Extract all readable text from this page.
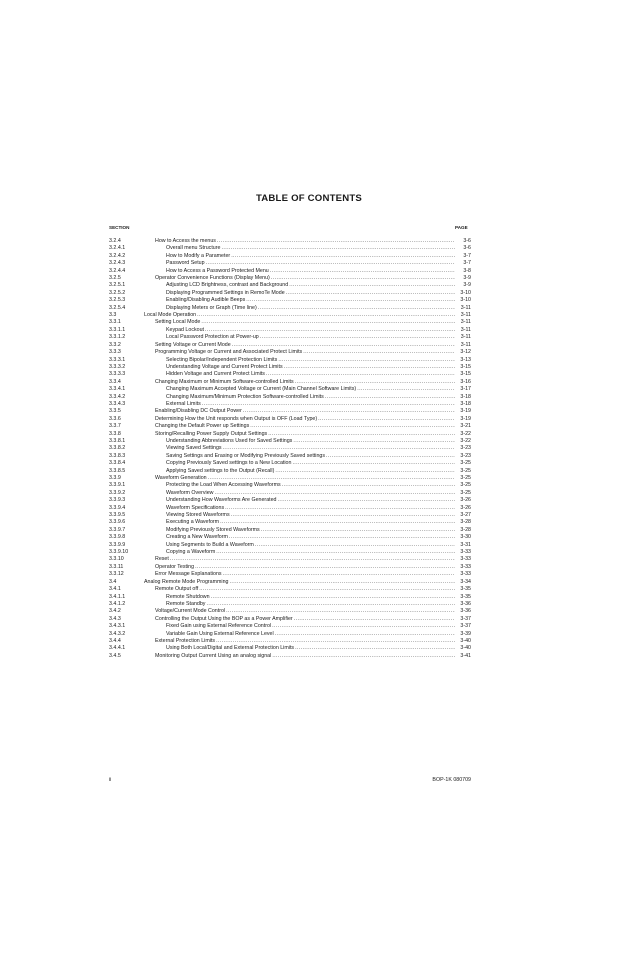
TABLE OF CONTENTS
SECTION	PAGE
3.2.4	How to Access the menus .....	3-6
3.2.4.1	Overall menu Structure .....	3-6
3.2.4.2	How to Modify a Parameter .....	3-7
3.2.4.3	Password Setup .....	3-7
3.2.4.4	How to Access a Password Protected Menu .....	3-8
3.2.5	Operator Convenience Functions (Display Menu) .....	3-9
3.2.5.1	Adjusting LCD Brightness, contrast and Background .....	3-9
3.2.5.2	Displaying Programmed Settings in RemoTe Mode .....	3-10
3.2.5.3	Enabling/Disabling Audible Beeps .....	3-10
3.2.5.4	Displaying Meters or Graph (Time line) .....	3-11
3.3	Local Mode Operation .....	3-11
3.3.1	Setting Local Mode .....	3-11
3.3.1.1	Keypad Lockout .....	3-11
3.3.1.2	Local Password Protection at Power-up .....	3-11
3.3.2	Setting Voltage or Current Mode .....	3-11
3.3.3	Programming Voltage or Current and Associated Protect Limits .....	3-12
3.3.3.1	Selecting Bipolar/Independent Protection Limits .....	3-13
3.3.3.2	Understanding Voltage and Current Protect Limits .....	3-15
3.3.3.3	Hidden Voltage and Current Protect Limits .....	3-15
3.3.4	Changing Maximum or Minimum Software-controlled Limits .....	3-16
3.3.4.1	Changing Maximum Accepted Voltage or Current (Main Channel Software Limits) .....	3-17
3.3.4.2	Changing Maximum/Minimum Protection Software-controlled Limits .....	3-18
3.3.4.3	External Limits .....	3-18
3.3.5	Enabling/Disabling DC Output Power .....	3-19
3.3.6	Determining How the Unit responds when Output is OFF (Load Type) .....	3-19
3.3.7	Changing the Default Power up Settings .....	3-21
3.3.8	Storing/Recalling Power Supply Output Settings .....	3-22
3.3.8.1	Understanding Abbreviations Used for Saved Settings .....	3-22
3.3.8.2	Viewing Saved Settings .....	3-23
3.3.8.3	Saving Settings and Erasing or Modifying Previously Saved settings .....	3-23
3.3.8.4	Copying Previously Saved settings to a New Location .....	3-25
3.3.8.5	Applying Saved settings to the Output (Recall) .....	3-25
3.3.9	Waveform Generation .....	3-25
3.3.9.1	Protecting the Load When Accessing Waveforms .....	3-25
3.3.9.2	Waveform Overview .....	3-25
3.3.9.3	Understanding How Waveforms Are Generated .....	3-26
3.3.9.4	Waveform Specifications .....	3-26
3.3.9.5	Viewing Stored Waveforms .....	3-27
3.3.9.6	Executing a Waveform .....	3-28
3.3.9.7	Modifying Previously Stored Waveforms .....	3-28
3.3.9.8	Creating a New Waveform .....	3-30
3.3.9.9	Using Segments to Build a Waveform .....	3-31
3.3.9.10	Copying a Waveform .....	3-33
3.3.10	Reset .....	3-33
3.3.11	Operator Testing .....	3-33
3.3.12	Error Message Explanations .....	3-33
3.4	Analog Remote Mode Programming .....	3-34
3.4.1	Remote Output off .....	3-35
3.4.1.1	Remote Shutdown .....	3-35
3.4.1.2	Remote Standby .....	3-36
3.4.2	Voltage/Current Mode Control .....	3-36
3.4.3	Controlling the Output Using the BOP as a Power Amplifier .....	3-37
3.4.3.1	Fixed Gain using External Reference Control .....	3-37
3.4.3.2	Variable Gain Using External Reference Level .....	3-39
3.4.4	External Protection Limits .....	3-40
3.4.4.1	Using Both Local/Digital and External Protection Limits .....	3-40
3.4.5	Monitoring Output Current Using an analog signal .....	3-41
ii	BOP-1K 080709
